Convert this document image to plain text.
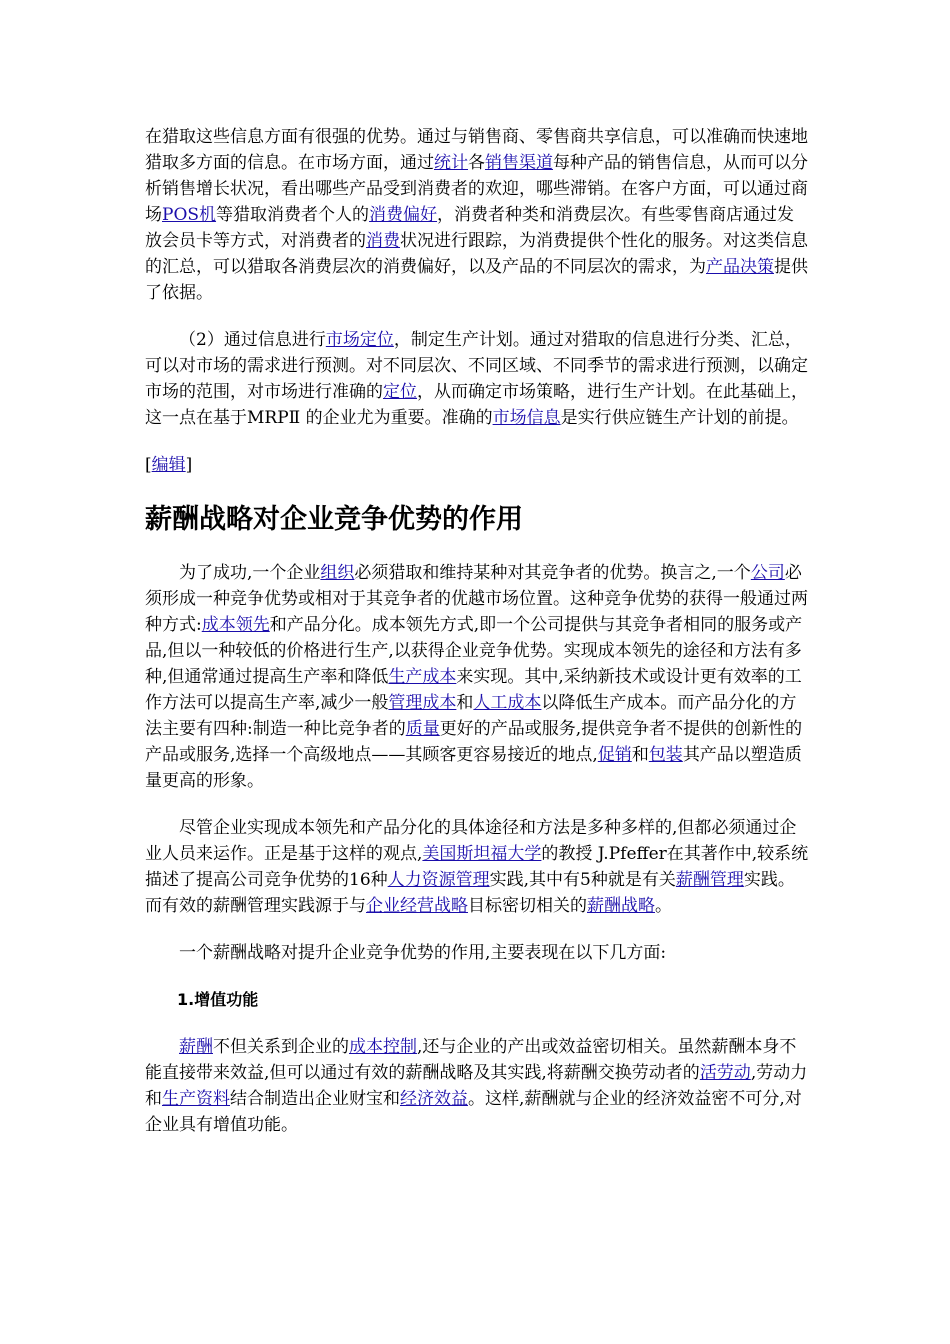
在猎取这些信息方面有很强的优势。通过与销售商、零售商共享信息，可以准确而快速地猎取多方面的信息。在市场方面，通过统计各销售渠道每种产品的销售信息，从而可以分析销售增长状况，看出哪些产品受到消费者的欢迎，哪些滞销。在客户方面，可以通过商场POS机等猎取消费者个人的消费偏好，消费者种类和消费层次。有些零售商店通过发放会员卡等方式，对消费者的消费状况进行跟踪，为消费提供个性化的服务。对这类信息的汇总，可以猎取各消费层次的消费偏好，以及产品的不同层次的需求，为产品决策提供了依据。

（2）通过信息进行市场定位，制定生产计划。通过对猎取的信息进行分类、汇总，可以对市场的需求进行预测。对不同层次、不同区域、不同季节的需求进行预测，以确定市场的范围，对市场进行准确的定位，从而确定市场策略，进行生产计划。在此基础上，这一点在基于MRPⅡ 的企业尤为重要。准确的市场信息是实行供应链生产计划的前提。

[编辑]

薪酬战略对企业竞争优势的作用

为了成功,一个企业组织必须猎取和维持某种对其竞争者的优势。换言之,一个公司必须形成一种竞争优势或相对于其竞争者的优越市场位置。这种竞争优势的获得一般通过两种方式:成本领先和产品分化。成本领先方式,即一个公司提供与其竞争者相同的服务或产品,但以一种较低的价格进行生产,以获得企业竞争优势。实现成本领先的途径和方法有多种,但通常通过提高生产率和降低生产成本来实现。其中,采纳新技术或设计更有效率的工作方法可以提高生产率,减少一般管理成本和人工成本以降低生产成本。而产品分化的方法主要有四种:制造一种比竞争者的质量更好的产品或服务,提供竞争者不提供的创新性的产品或服务,选择一个高级地点——其顾客更容易接近的地点,促销和包装其产品以塑造质量更高的形象。

尽管企业实现成本领先和产品分化的具体途径和方法是多种多样的,但都必须通过企业人员来运作。正是基于这样的观点,美国斯坦福大学的教授 J.Pfeffer在其著作中,较系统描述了提高公司竞争优势的16种人力资源管理实践,其中有5种就是有关薪酬管理实践。而有效的薪酬管理实践源于与企业经营战略目标密切相关的薪酬战略。

一个薪酬战略对提升企业竞争优势的作用,主要表现在以下几方面:

1.增值功能

薪酬不但关系到企业的成本控制,还与企业的产出或效益密切相关。虽然薪酬本身不能直接带来效益,但可以通过有效的薪酬战略及其实践,将薪酬交换劳动者的活劳动,劳动力和生产资料结合制造出企业财宝和经济效益。这样,薪酬就与企业的经济效益密不可分,对企业具有增值功能。
